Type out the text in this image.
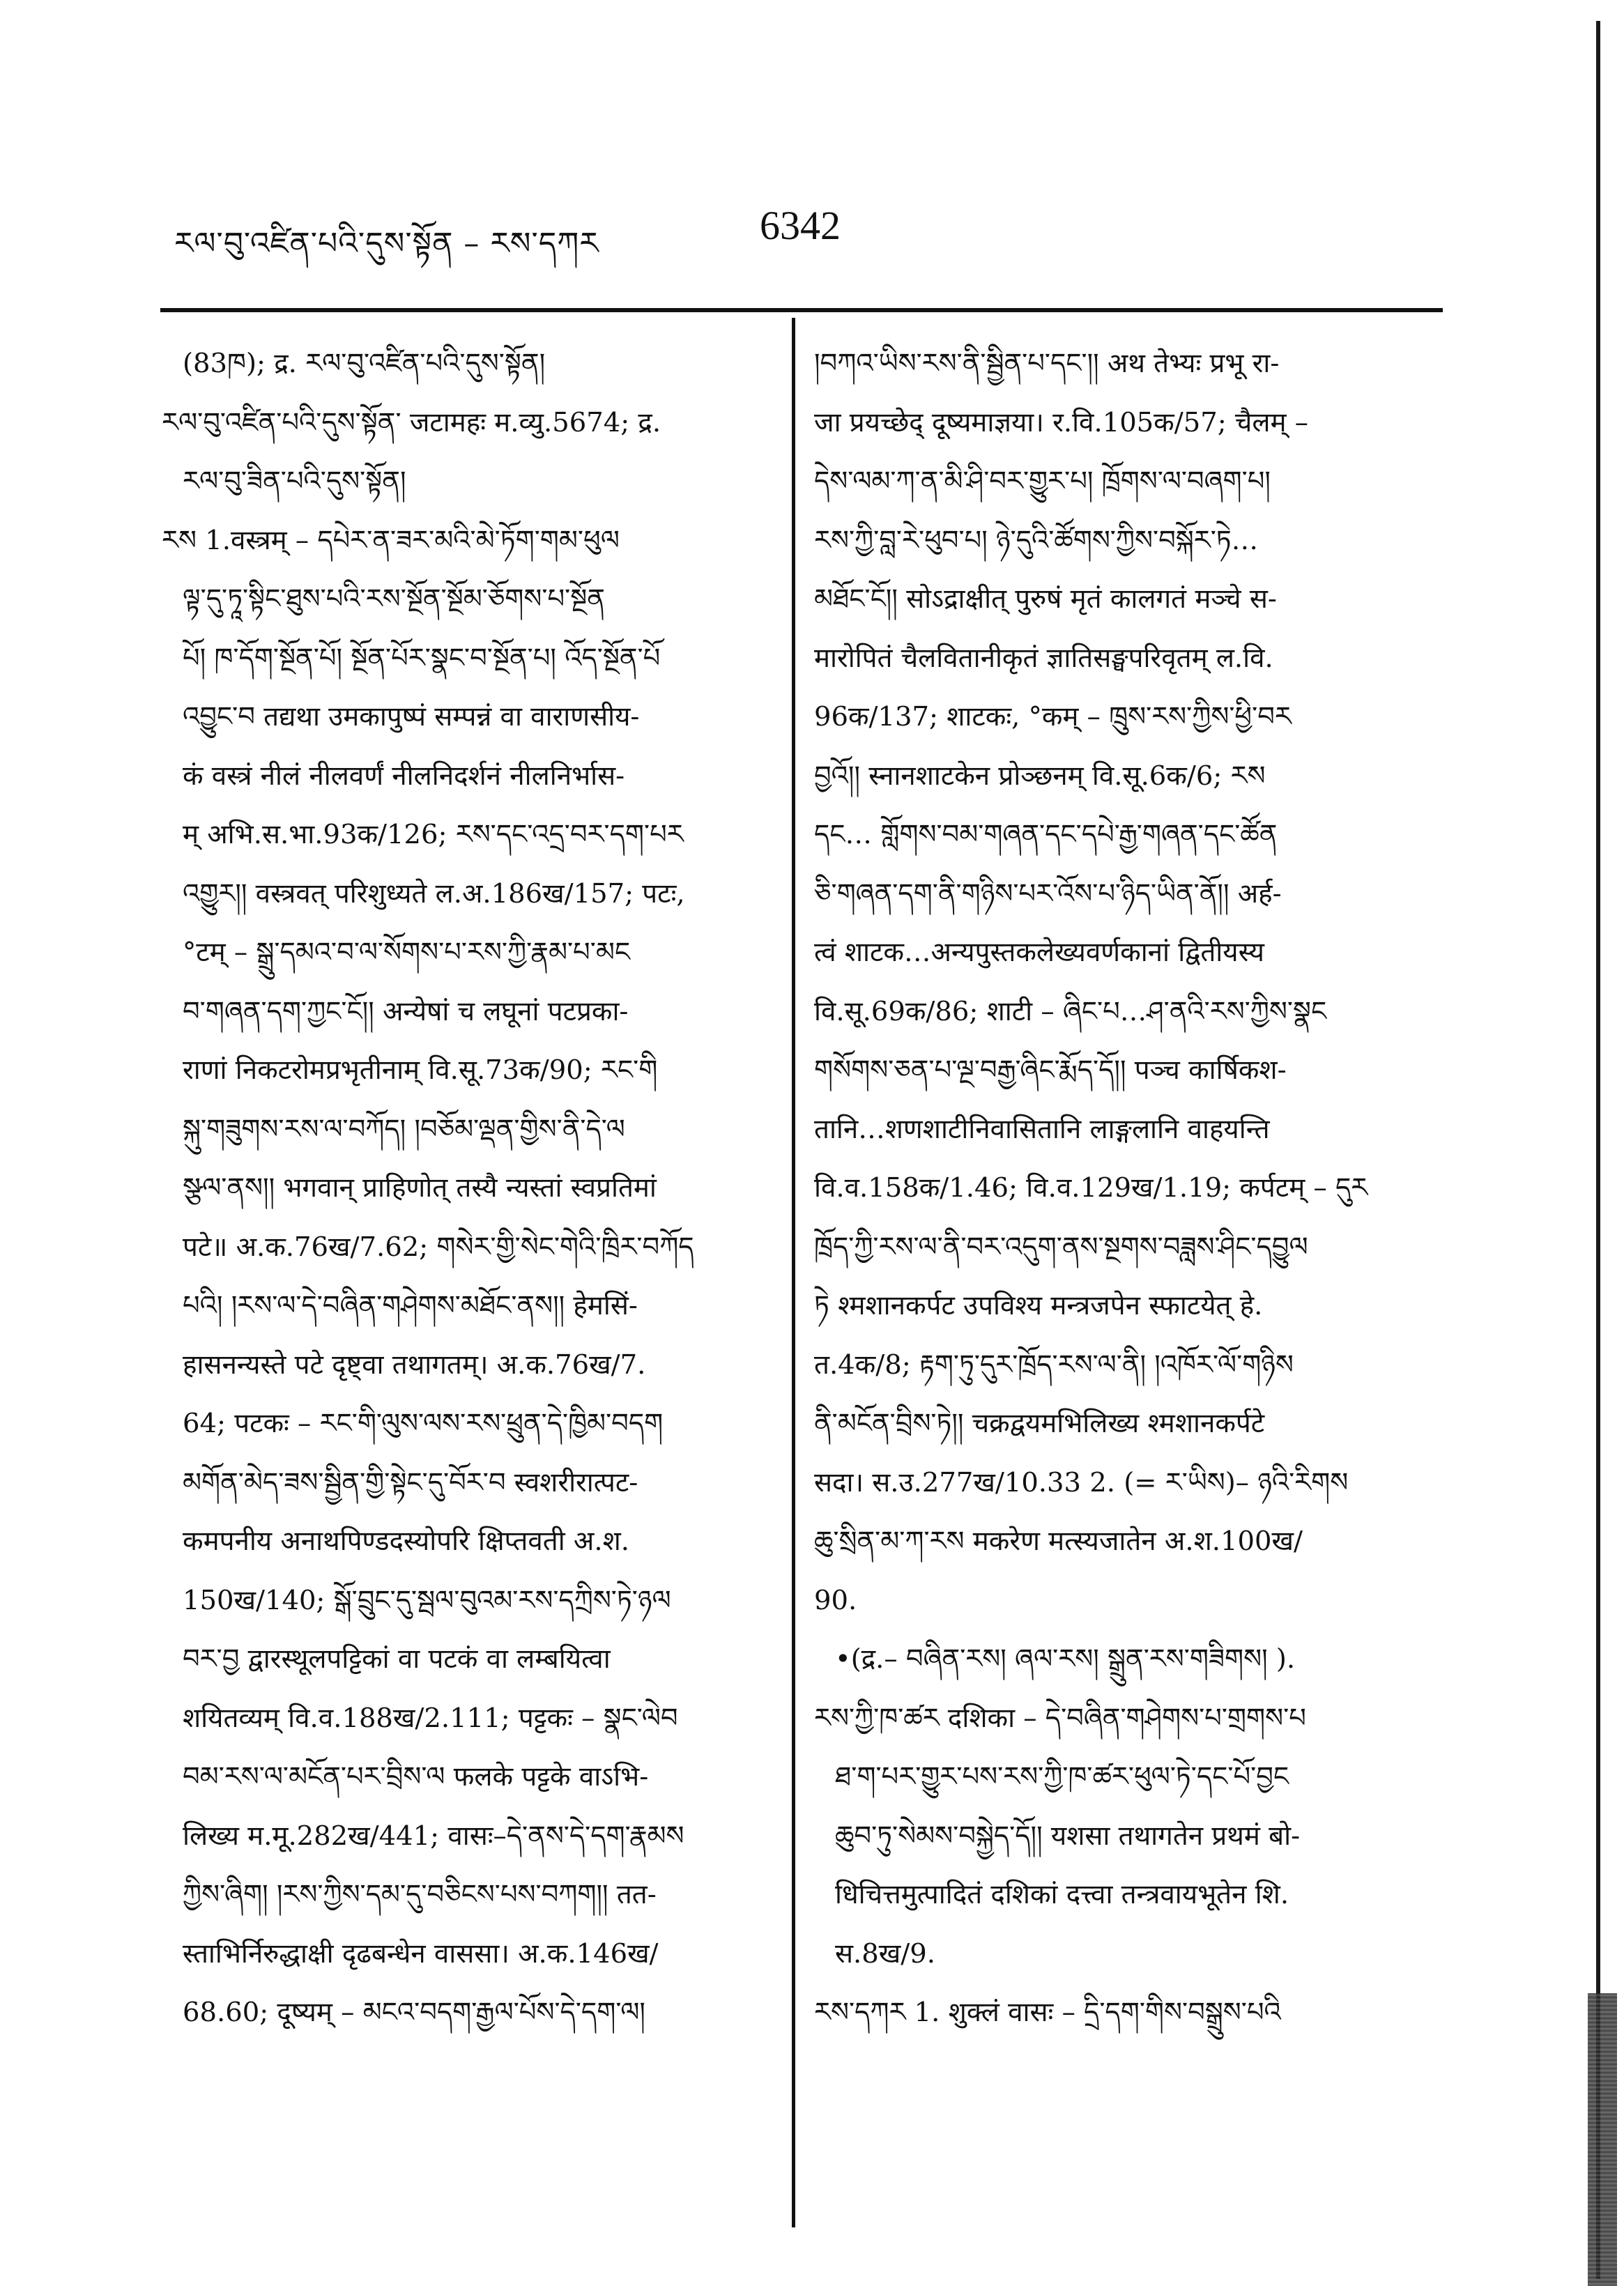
རལ་བུ་འཛིན་པའི་དུས་སྟོན – རས་དཀར	6342
(83ཁ); द्र. རལ་བུ་འཛིན་པའི་དུས་སྟོན།
རལ་བུ་འཛིན་པའི་དུས་སྟོན་ जटामहः म.व्यु.5674; द्र.
རལ་བུ་ཟིན་པའི་དུས་སྟོན།
རས 1.वस्त्रम् – དཔེར་ན་ཟར་མའི་མེ་ཏོག་གམ་ཕུལ
ལྟ་དུ་ཏཱ་སྟིང་ཐུས་པའི་རས་སྔོན་སྔོམ་ཅོགས་པ་སྔོན
པོ། ཁ་དོག་སྔོན་པོ། སྔོན་པོར་སྣང་བ་སྔོན་པ། འོད་སྔོན་པོ
འབྱུང་བ तद्यथा उमकापुष्पं सम्पन्नं वा वाराणसीय-
कं वस्त्रं नीलं नीलवर्णं नीलनिदर्शनं नीलनिर्भास-
म् अभि.स.भा.93क/126; རས་དང་འདྲ་བར་དག་པར
འགྱུར།། वस्त्रवत् परिशुध्यते ल.अ.186ख/157; पटः,
°टम् – སྒྲུ་དམའ་བ་ལ་སོགས་པ་རས་ཀྱི་རྣམ་པ་མང
བ་གཞན་དག་ཀྱང་ངོ།། अन्येषां च लघूनां पटप्रका-
राणां निकटरोमप्रभृतीनाम् वि.सू.73क/90; རང་གི
སྐུ་གཟུགས་རས་ལ་བཀོད། །བཅོམ་ལྡན་གྱིས་ནི་དེ་ལ
སྩལ་ནས།། भगवान् प्राहिणोत् तस्यै न्यस्तां स्वप्रतिमां
पटे॥ अ.क.76ख/7.62; གསེར་གྱི་སེང་གེའི་ཁྲིར་བཀོད
པའི། །རས་ལ་དེ་བཞིན་གཤེགས་མཐོང་ནས།། हेमसिं-
हासनन्यस्ते पटे दृष्ट्वा तथागतम्। अ.क.76ख/7.
64; पटकः – རང་གི་ལུས་ལས་རས་ཕྲུན་དེ་ཁྱིམ་བདག
མགོན་མེད་ཟས་སྦྱིན་གྱི་སྟེང་དུ་བོར་བ स्वशरीरात्पट-
कमपनीय अनाथपिण्डदस्योपरि क्षिप्तवती अ.श.
150ख/140; སྒོ་བྲུང་དུ་སྦལ་བུའམ་རས་དཀྲིས་ཏེ་ཉལ
བར་བྱ द्वारस्थूलपट्टिकां वा पटकं वा लम्बयित्वा
शयितव्यम् वि.व.188ख/2.111; पट्टकः – སྣང་ལེབ
བམ་རས་ལ་མངོན་པར་བྲིས་ལ फलके पट्टके वाऽभि-
लिख्य म.मू.282ख/441; वासः–དེ་ནས་དེ་དག་རྣམས
ཀྱིས་ཞིག། །རས་ཀྱིས་དམ་དུ་བཅིངས་པས་བཀག།། तत-
स्ताभिर्निरुद्धाक्षी दृढबन्धेन वाससा। अ.क.146ख/
68.60; दूष्यम् – མངའ་བདག་རྒྱལ་པོས་དེ་དག་ལ།
།བཀའ་ཡིས་རས་ནི་སྦྱིན་པ་དང་།། अथ तेभ्यः प्रभू रा-
जा प्रयच्छेद् दूष्यमाज्ञया। र.वि.105क/57; चैलम् –
དེས་ལམ་ཀ་ན་མི་ཤི་བར་གྱུར་པ། ཁྲོགས་ལ་བཞག་པ།
རས་ཀྱི་བླ་རེ་ཕུབ་པ། ཉེ་དུའི་ཚོགས་ཀྱིས་བསྐོར་ཏེ…
མཐོང་ངོ།། सोऽद्राक्षीत् पुरुषं मृतं कालगतं मञ्चे स-
मारोपितं चैलवितानीकृतं ज्ञातिसङ्घपरिवृतम् ल.वि.
96क/137; शाटकः, °कम् – ཁྲུས་རས་ཀྱིས་ཕྱི་བར
བྱའོ།། स्नानशाटकेन प्रोञ्छनम् वि.सू.6क/6; རས
དང… གློགས་བམ་གཞན་དང་དཔེ་རྒྱ་གཞན་དང་ཚོན
ཅི་གཞན་དག་ནི་གཉིས་པར་འོས་པ་ཉིད་ཡིན་ནོ།། अर्ह-
त्वं शाटक…अन्यपुस्तकलेख्यवर्णकानां द्वितीयस्य
वि.सू.69क/86; शाटी – ཞིང་པ…ཤ་ནའི་རས་ཀྱིས་སྣང
གསོགས་ཅན་པ་ལྔ་བརྒྱ་ཞིང་རྨོད་དོ།། पञ्च कार्षिकश-
तानि…शणशाटीनिवासितानि लाङ्गलानि वाहयन्ति
वि.व.158क/1.46; वि.व.129ख/1.19; कर्पटम् – དུར
ཁྲོད་ཀྱི་རས་ལ་ནི་བར་འདུག་ནས་སྔགས་བཟླས་ཤིང་དབྱུལ
ཏེ श्मशानकर्पट उपविश्य मन्त्रजपेन स्फाटयेत् हे.
त.4क/8; རྟག་ཏུ་དུར་ཁྲོད་རས་ལ་ནི། །འཁོར་ལོ་གཉིས
ནི་མངོན་བྲིས་ཏེ།། चक्रद्वयमभिलिख्य श्मशानकर्पटे
सदा। स.उ.277ख/10.33 2. (= ར་ཡིས)– ཉའི་རིགས
ཆུ་སྲིན་མ་ཀ་རས मकरेण मत्स्यजातेन अ.श.100ख/
90.
•(द्र.– བཞིན་རས། ཞལ་རས། སྒྲུན་རས་གཟིགས། ).
རས་ཀྱི་ཁ་ཚར दशिका – དེ་བཞིན་གཤེགས་པ་གྲགས་པ
ཐ་ག་པར་གྱུར་པས་རས་ཀྱི་ཁ་ཚར་ཕུལ་ཏེ་དང་པོ་བྱང
ཆུབ་ཏུ་སེམས་བསྐྱེད་དོ།། यशसा तथागतेन प्रथमं बो-
धिचित्तमुत्पादितं दशिकां दत्त्वा तन्त्रवायभूतेन शि.
स.8ख/9.
རས་དཀར 1. शुक्लं वासः – དྲི་དག་གིས་བསྒྲུས་པའི
